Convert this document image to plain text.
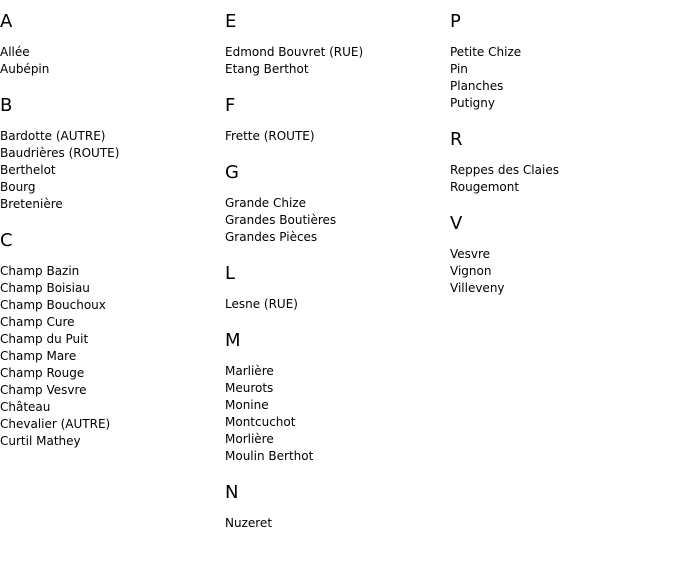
A
Allée
Aubépin
B
Bardotte (AUTRE)
Baudrières (ROUTE)
Berthelot
Bourg
Bretenière
C
Champ Bazin
Champ Boisiau
Champ Bouchoux
Champ Cure
Champ du Puit
Champ Mare
Champ Rouge
Champ Vesvre
Château
Chevalier (AUTRE)
Curtil Mathey
E
Edmond Bouvret (RUE)
Etang Berthot
F
Frette (ROUTE)
G
Grande Chize
Grandes Boutières
Grandes Pièces
L
Lesne (RUE)
M
Marlière
Meurots
Monine
Montcuchot
Morlière
Moulin Berthot
N
Nuzeret
P
Petite Chize
Pin
Planches
Putigny
R
Reppes des Claies
Rougemont
V
Vesvre
Vignon
Villeveny
